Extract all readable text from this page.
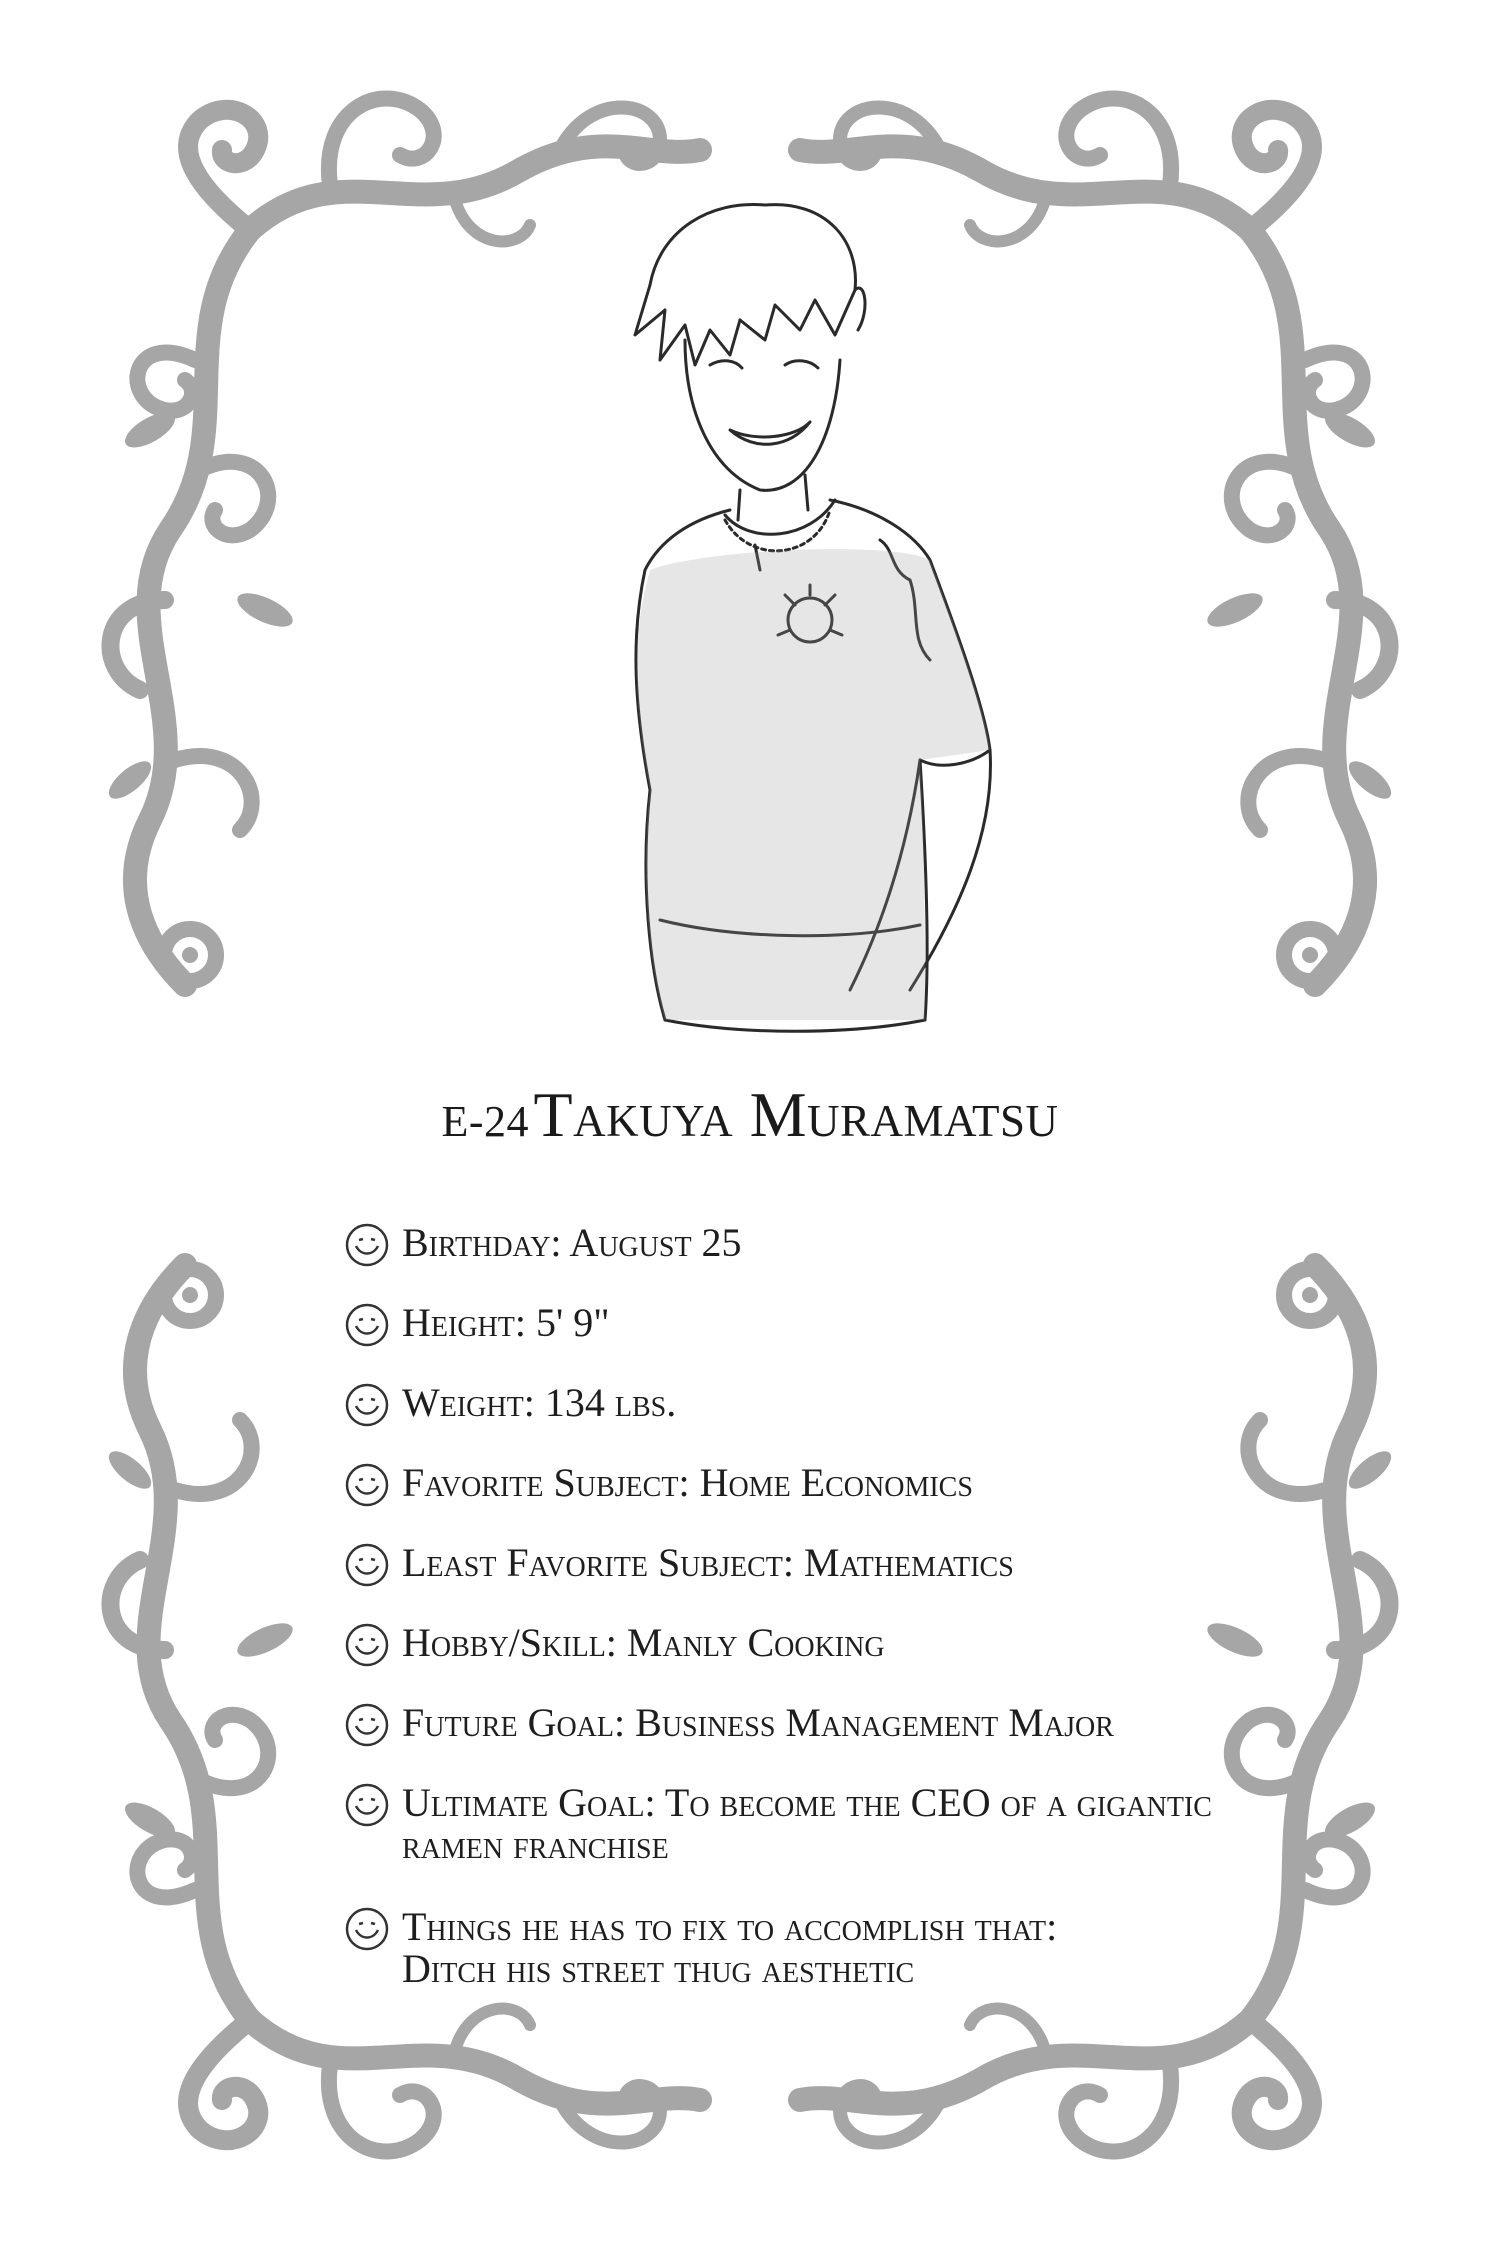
E-24 Takuya Muramatsu
Birthday: August 25
Height: 5' 9"
Weight: 134 lbs.
Favorite Subject: Home Economics
Least Favorite Subject: Mathematics
Hobby/Skill: Manly Cooking
Future Goal: Business Management Major
Ultimate Goal: To become the CEO of a gigantic
ramen franchise
Things he has to fix to accomplish that:
Ditch his street thug aesthetic
